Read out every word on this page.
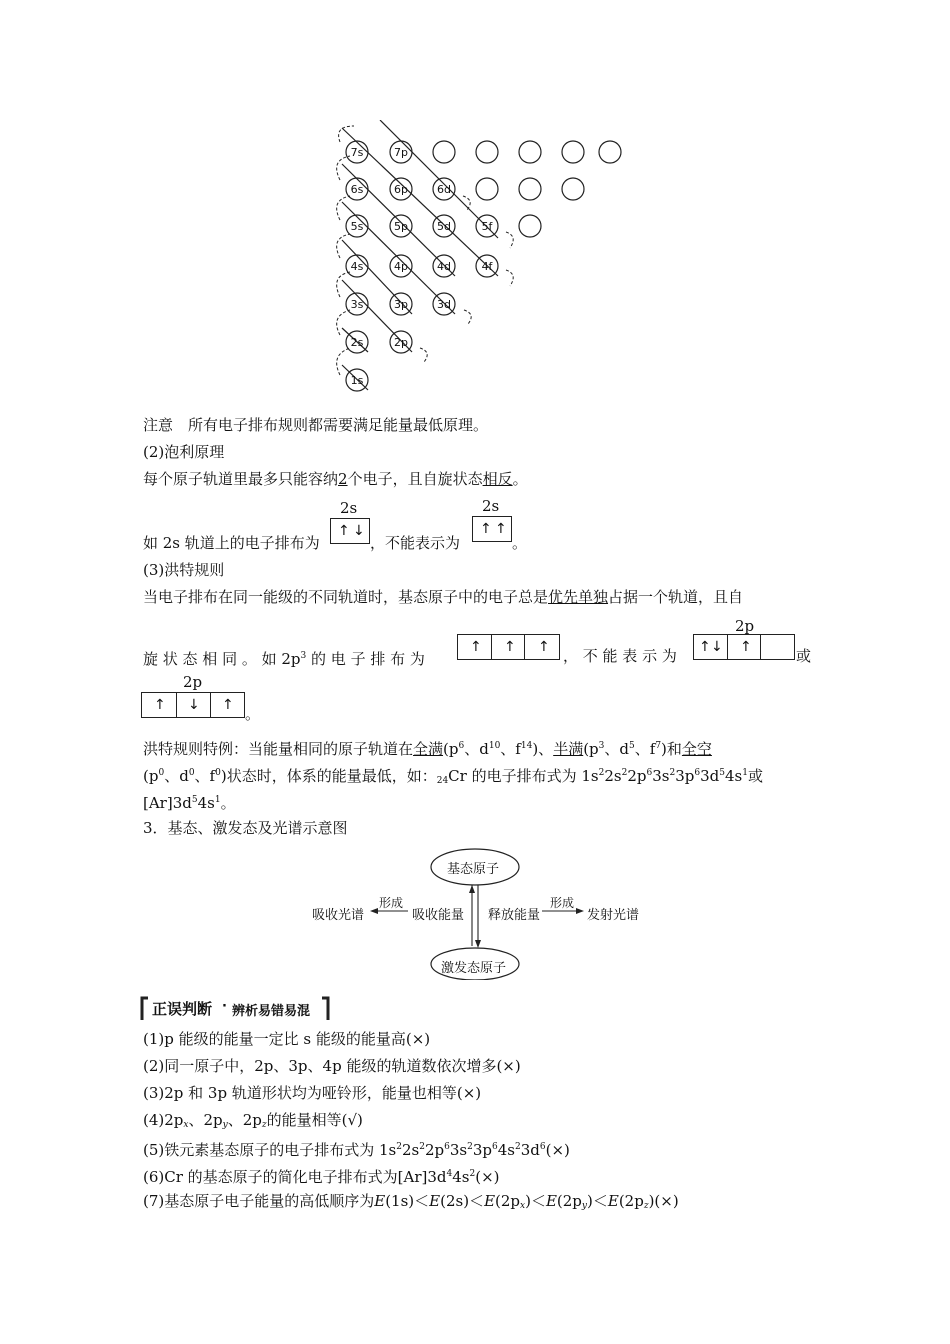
7s	7p
6s	6p	6d
5s	5p	5d	5f
4s	4p	4d	4f
3s	3p	3d
2s	2p
1s
注意　所有电子排布规则都需要满足能量最低原理。
(2)泡利原理
每个原子轨道里最多只能容纳2个电子，且自旋状态相反。
如 2s 轨道上的电子排布为
2s
↑ ↓
，不能表示为
2s
↑ ↑
。
(3)洪特规则
当电子排布在同一能级的不同轨道时，基态原子中的电子总是优先单独占据一个轨道，且自
旋 状 态 相 同 。 如 $2p^3$ 的 电 子 排 布 为
↑ ↑ ↑ ， 不 能 表 示 为
2p
↑ ↓ ↑	或
2p
↑ ↓ ↑ 。
洪特规则特例：当能量相同的原子轨道在全满($p^6$、$d^{10}$、$f^{14}$)、半满($p^3$、$d^5$、$f^7$)和全空
($p^0$、$d^0$、$f^0$)状态时，体系的能量最低，如：$_{24}$Cr 的电子排布式为 $1s^22s^22p^63s^23p^63d^54s^1$或
$[Ar]3d^54s^1$。
3．基态、激发态及光谱示意图
基态原子
激发态原子
吸收光谱
形成
吸收能量 释放能量
形成
发射光谱
正误判断 · 辨析易错易混
(1)p 能级的能量一定比 s 能级的能量高(×)
(2)同一原子中，2p、3p、4p 能级的轨道数依次增多(×)
(3)2p 和 3p 轨道形状均为哑铃形，能量也相等(×)
$(4)2p_x$、$2p_y$、$2p_z$的能量相等(√)
(5)铁元素基态原子的电子排布式为 $1s^22s^22p^63s^23p^64s^23d^6(\times)$
(6)Cr 的基态原子的简化电子排布式为$[Ar]3d^44s^2(\times)$
(7)基态原子电子能量的高低顺序为$E(1s)<E(2s)<E(2p_x)<E(2p_y)<E(2p_z)(\times)$
